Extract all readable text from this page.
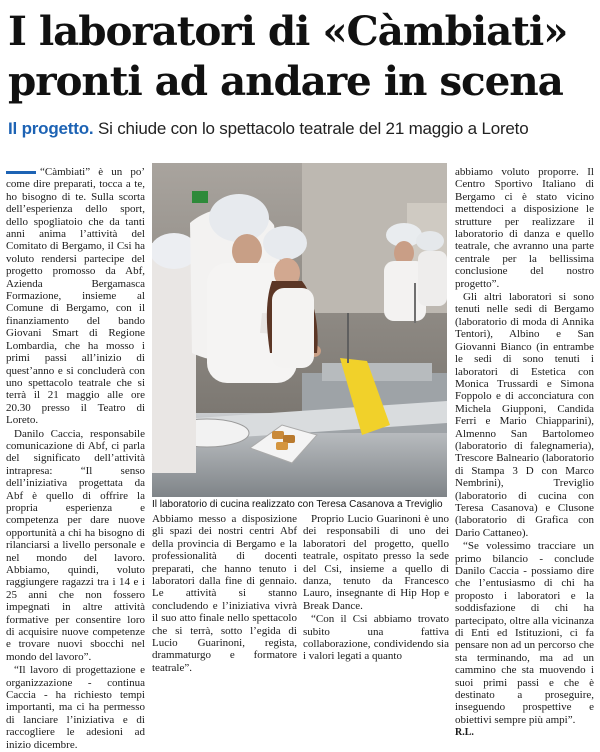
I laboratori di «Càmbiati»
pronti ad andare in scena
Il progetto. Si chiude con lo spettacolo teatrale del 21 maggio a Loreto

“Càmbiati” è un po’ come dire preparati, tocca a te, ho bisogno di te. Sulla scorta dell’esperienza dello sport, dello spogliatoio che da tanti anni anima l’attività del Comitato di Bergamo, il Csi ha voluto rendersi partecipe del progetto promosso da Abf, Azienda Bergamasca Formazione, insieme al Comune di Bergamo, con il finanziamento del bando Giovani Smart di Regione Lombardia, che ha mosso i primi passi all’inizio di quest’anno e si concluderà con uno spettacolo teatrale che si terrà il 21 maggio alle ore 20.30 presso il Teatro di Loreto.

Danilo Caccia, responsabile comunicazione di Abf, ci parla del significato dell’attività intrapresa: “Il senso dell’iniziativa progettata da Abf è quello di offrire la propria esperienza e competenza per dare nuove opportunità a chi ha bisogno di rilanciarsi a livello personale e nel mondo del lavoro. Abbiamo, quindi, voluto raggiungere ragazzi tra i 14 e i 25 anni che non fossero impegnati in altre attività formative per consentire loro di acquisire nuove competenze e trovare nuovi sbocchi nel mondo del lavoro”.

“Il lavoro di progettazione e organizzazione - continua Caccia - ha richiesto tempi importanti, ma ci ha permesso di lanciare l’iniziativa e di raccogliere le adesioni ad inizio dicembre.

Il laboratorio di cucina realizzato con Teresa Casanova a Treviglio

Abbiamo messo a disposizione gli spazi dei nostri centri Abf della provincia di Bergamo e la professionalità di docenti preparati, che hanno tenuto i laboratori dalla fine di gennaio. Le attività si stanno concludendo e l’iniziativa vivrà il suo atto finale nello spettacolo che si terrà, sotto l’egida di Lucio Guarinoni, regista, drammaturgo e formatore teatrale”.

Proprio Lucio Guarinoni è uno dei responsabili di uno dei laboratori del progetto, quello teatrale, ospitato presso la sede del Csi, insieme a quello di danza, tenuto da Francesco Lauro, insegnante di Hip Hop e Break Dance.

“Con il Csi abbiamo trovato subito una fattiva collaborazione, condividendo sia i valori legati a quanto

abbiamo voluto proporre. Il Centro Sportivo Italiano di Bergamo ci è stato vicino mettendoci a disposizione le strutture per realizzare il laboratorio di danza e quello teatrale, che avranno una parte centrale per la bellissima conclusione del nostro progetto”.

Gli altri laboratori si sono tenuti nelle sedi di Bergamo (laboratorio di moda di Annika Tentori), Albino e San Giovanni Bianco (in entrambe le sedi di sono tenuti i laboratori di Estetica con Monica Trussardi e Simona Foppolo e di acconciatura con Michela Giupponi, Candida Ferri e Mario Chiapparini), Almenno San Bartolomeo (laboratorio di falegnameria), Trescore Balneario (laboratorio di Stampa 3 D con Marco Nembrini), Treviglio (laboratorio di cucina con Teresa Casanova) e Clusone (laboratorio di Grafica con Dario Cattaneo).

“Se volessimo tracciare un primo bilancio - conclude Danilo Caccia - possiamo dire che l’entusiasmo di chi ha proposto i laboratori e la soddisfazione di chi ha partecipato, oltre alla vicinanza di Enti ed Istituzioni, ci fa pensare non ad un percorso che sta terminando, ma ad un cammino che sta muovendo i suoi primi passi e che è destinato a proseguire, inseguendo prospettive e obiettivi sempre più ampi”.

R.L.
